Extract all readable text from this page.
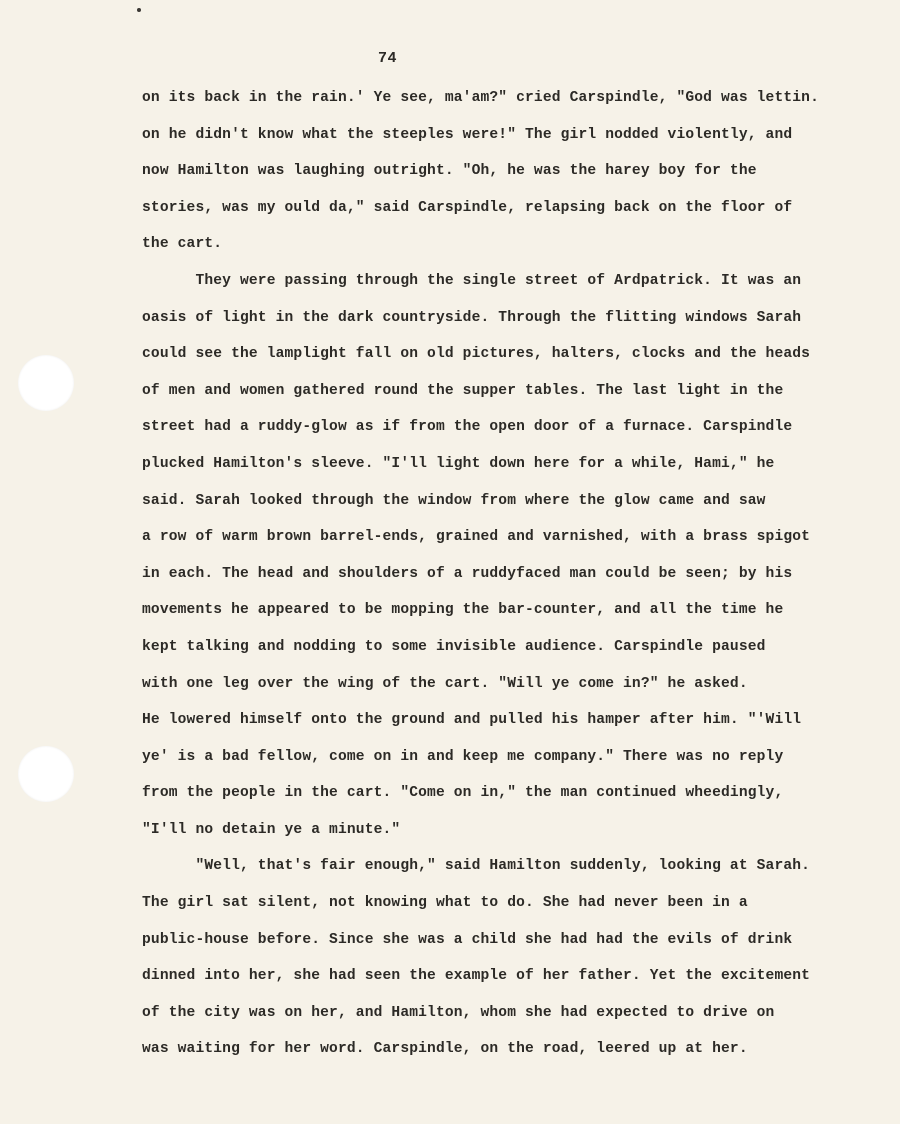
74
on its back in the rain.' Ye see, ma'am?" cried Carspindle, "God was lettin.
on he didn't know what the steeples were!" The girl nodded violently, and
now Hamilton was laughing outright. "Oh, he was the harey boy for the
stories, was my ould da," said Carspindle, relapsing back on the floor of
the cart.
They were passing through the single street of Ardpatrick. It was an
oasis of light in the dark countryside. Through the flitting windows Sarah
could see the lamplight fall on old pictures, halters, clocks and the heads
of men and women gathered round the supper tables. The last light in the
street had a ruddy-glow as if from the open door of a furnace. Carspindle
plucked Hamilton's sleeve. "I'll light down here for a while, Hami," he
said. Sarah looked through the window from where the glow came and saw
a row of warm brown barrel-ends, grained and varnished, with a brass spigot
in each. The head and shoulders of a ruddyfaced man could be seen; by his
movements he appeared to be mopping the bar-counter, and all the time he
kept talking and nodding to some invisible audience. Carspindle paused
with one leg over the wing of the cart. "Will ye come in?" he asked.
He lowered himself onto the ground and pulled his hamper after him. "'Will
ye' is a bad fellow, come on in and keep me company." There was no reply
from the people in the cart. "Come on in," the man continued wheedingly,
"I'll no detain ye a minute."
"Well, that's fair enough," said Hamilton suddenly, looking at Sarah.
The girl sat silent, not knowing what to do. She had never been in a
public-house before. Since she was a child she had had the evils of drink
dinned into her, she had seen the example of her father. Yet the excitement
of the city was on her, and Hamilton, whom she had expected to drive on
was waiting for her word. Carspindle, on the road, leered up at her.
